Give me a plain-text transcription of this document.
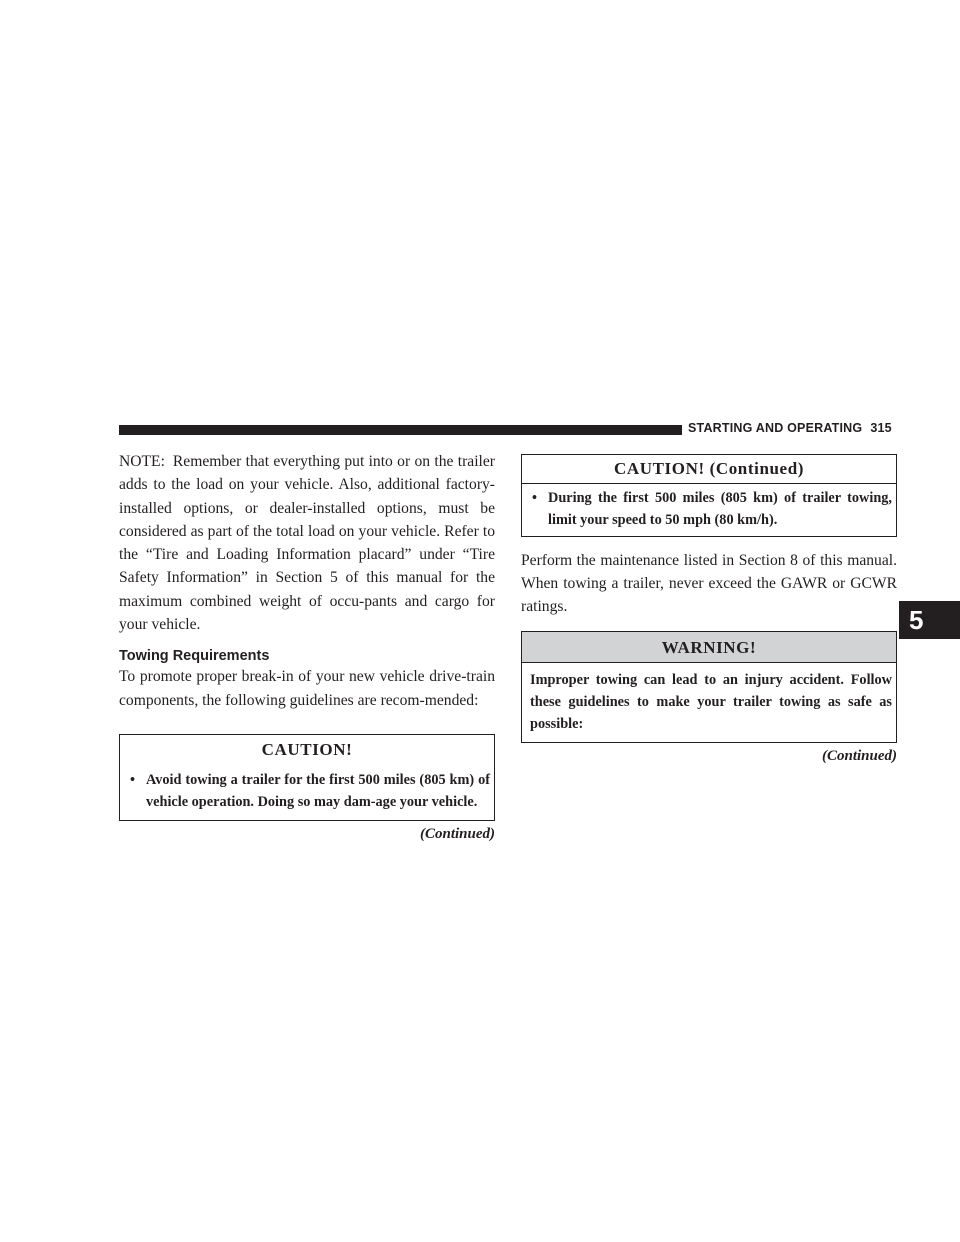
STARTING AND OPERATING 315
5

NOTE: Remember that everything put into or on the trailer adds to the load on your vehicle. Also, additional factory-installed options, or dealer-installed options, must be considered as part of the total load on your vehicle. Refer to the “Tire and Loading Information placard” under “Tire Safety Information” in Section 5 of this manual for the maximum combined weight of occu-pants and cargo for your vehicle.

Towing Requirements

To promote proper break-in of your new vehicle drive-train components, the following guidelines are recom-mended:

CAUTION!
• Avoid towing a trailer for the first 500 miles (805 km) of vehicle operation. Doing so may dam-age your vehicle.
(Continued)
CAUTION! (Continued)
• During the first 500 miles (805 km) of trailer towing, limit your speed to 50 mph (80 km/h).

Perform the maintenance listed in Section 8 of this manual. When towing a trailer, never exceed the GAWR or GCWR ratings.

WARNING!
Improper towing can lead to an injury accident. Follow these guidelines to make your trailer towing as safe as possible:
(Continued)
